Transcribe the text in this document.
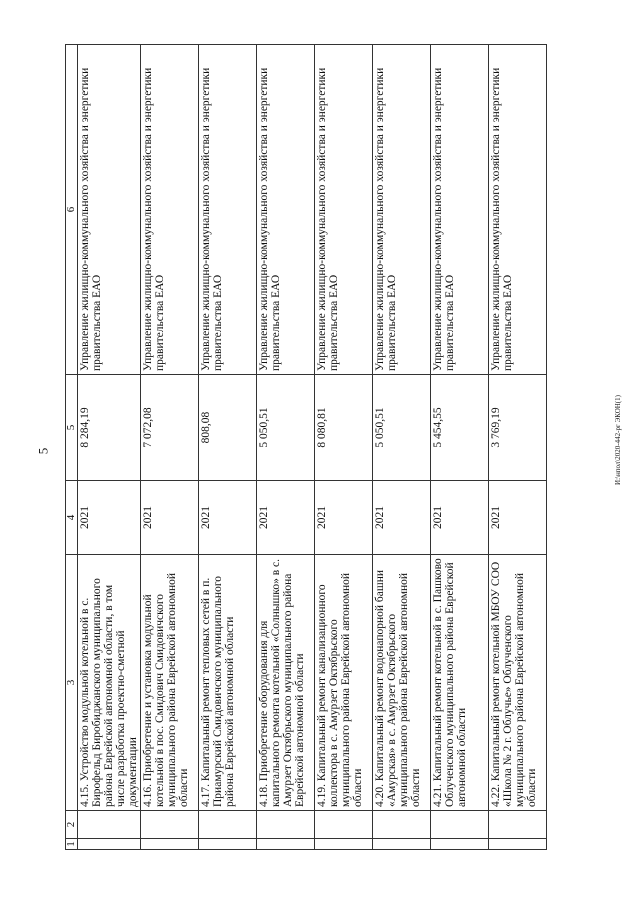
5	И:\нпол\2020-442-рг ЭКОН(1)
1	2	3	4	5	6
		4.15. Устройство модульной котельной в с. Бирофельд Биробиджанского муниципального района Еврейской автономной области, в том числе разработка проектно-сметной документации	2021	8 284,19	Управление жилищно-коммунального хозяйства и энергетики правительства ЕАО
		4.16. Приобретение и установка модульной котельной в пос. Смидович Смидовичского муниципального района Еврейской автономной области	2021	7 072,08	Управление жилищно-коммунального хозяйства и энергетики правительства ЕАО
		4.17. Капитальный ремонт тепловых сетей в п. Приамурский Смидовичского муниципального района Еврейской автономной области	2021	808,08	Управление жилищно-коммунального хозяйства и энергетики правительства ЕАО
		4.18. Приобретение оборудования для капитального ремонта котельной «Солнышко» в с. Амурзет Октябрьского муниципального района Еврейской автономной области	2021	5 050,51	Управление жилищно-коммунального хозяйства и энергетики правительства ЕАО
		4.19. Капитальный ремонт канализационного коллектора в с. Амурзет Октябрьского муниципального района Еврейской автономной области	2021	8 080,81	Управление жилищно-коммунального хозяйства и энергетики правительства ЕАО
		4.20. Капитальный ремонт водонапорной башни «Амурская» в с. Амурзет Октябрьского муниципального района Еврейской автономной области	2021	5 050,51	Управление жилищно-коммунального хозяйства и энергетики правительства ЕАО
		4.21. Капитальный ремонт котельной в с. Пашково Облученского муниципального района Еврейской автономной области	2021	5 454,55	Управление жилищно-коммунального хозяйства и энергетики правительства ЕАО
		4.22. Капитальный ремонт котельной МБОУ СОО «Школа № 2 г. Облучье» Облученского муниципального района Еврейской автономной области	2021	3 769,19	Управление жилищно-коммунального хозяйства и энергетики правительства ЕАО
